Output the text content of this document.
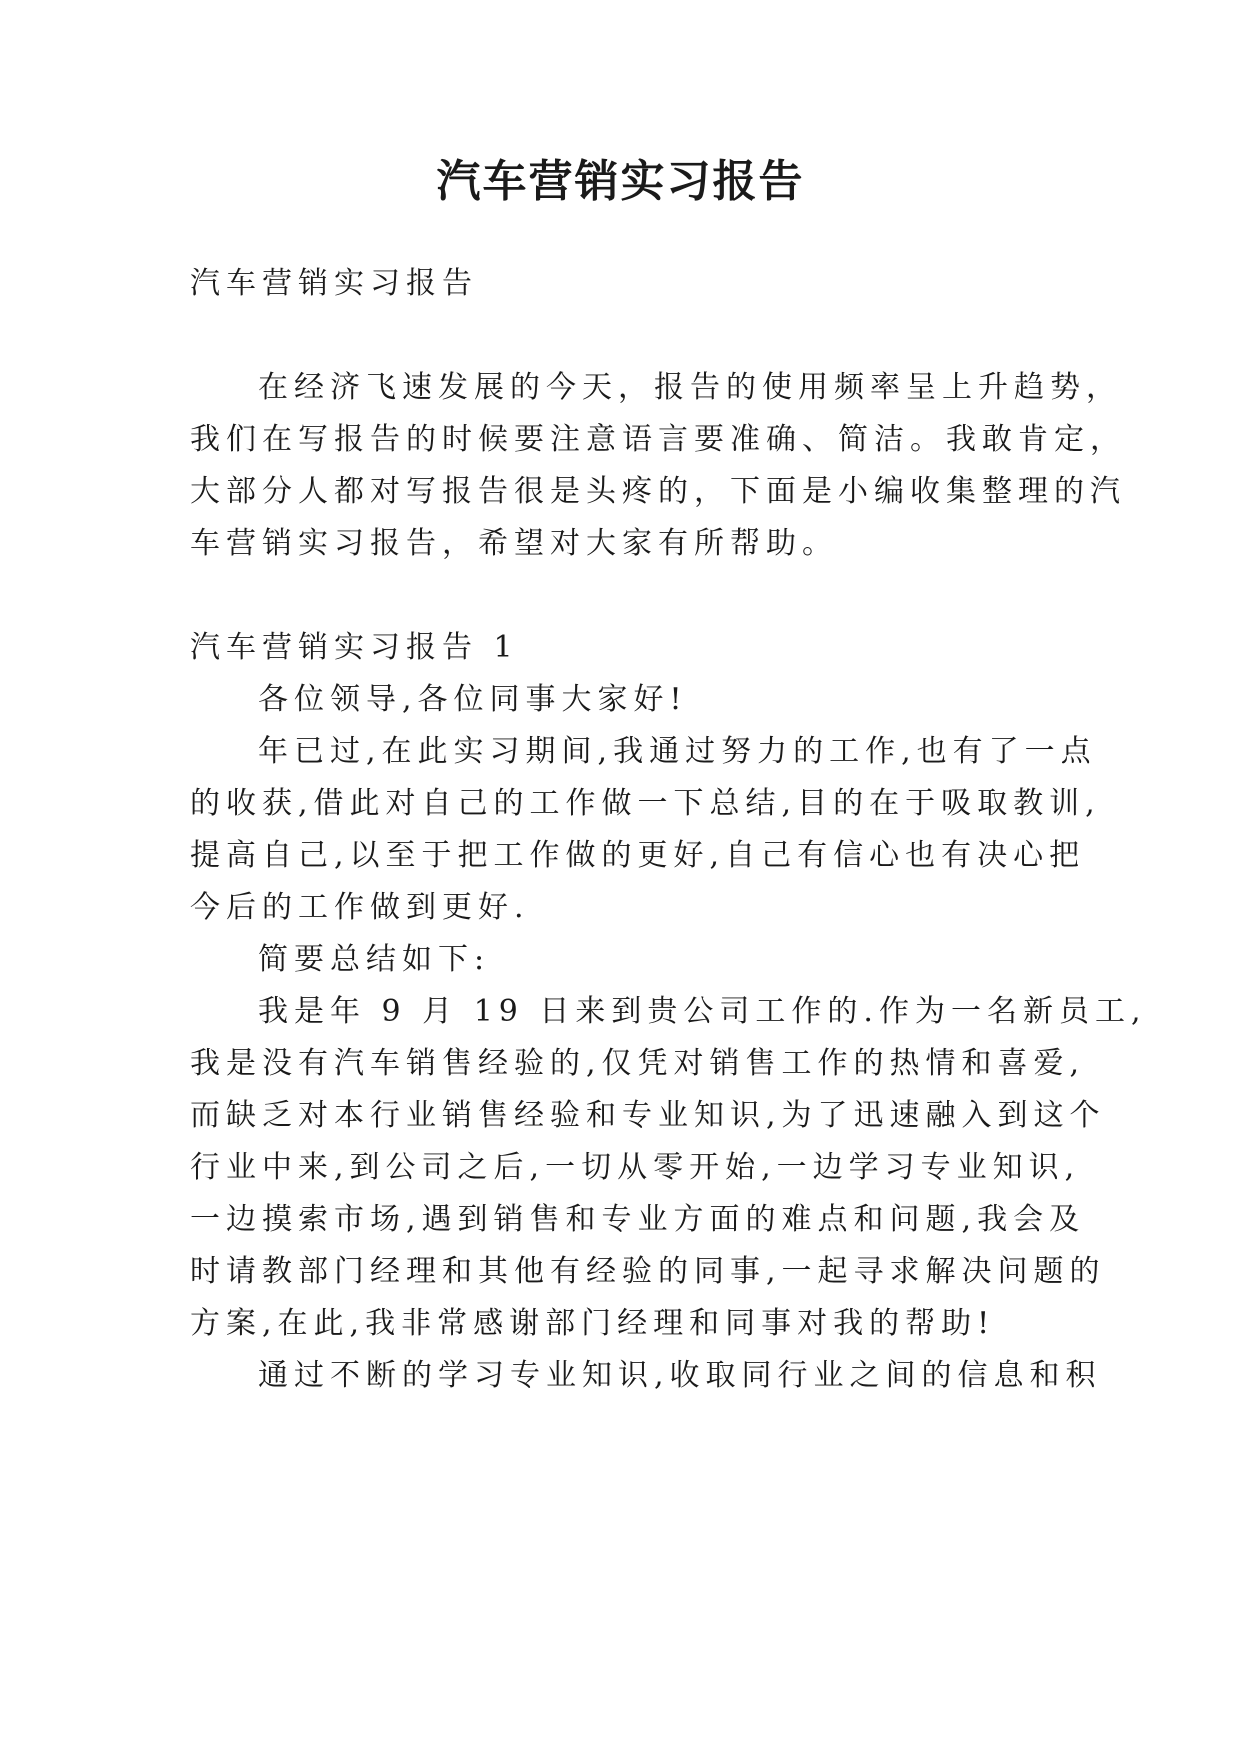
汽车营销实习报告
汽车营销实习报告
在经济飞速发展的今天，报告的使用频率呈上升趋势，
我们在写报告的时候要注意语言要准确、简洁。我敢肯定，
大部分人都对写报告很是头疼的，下面是小编收集整理的汽
车营销实习报告，希望对大家有所帮助。
汽车营销实习报告 1
各位领导,各位同事大家好!
年已过,在此实习期间,我通过努力的工作,也有了一点
的收获,借此对自己的工作做一下总结,目的在于吸取教训,
提高自己,以至于把工作做的更好,自己有信心也有决心把
今后的工作做到更好.
简要总结如下:
我是年 9 月 19 日来到贵公司工作的.作为一名新员工,
我是没有汽车销售经验的,仅凭对销售工作的热情和喜爱,
而缺乏对本行业销售经验和专业知识,为了迅速融入到这个
行业中来,到公司之后,一切从零开始,一边学习专业知识,
一边摸索市场,遇到销售和专业方面的难点和问题,我会及
时请教部门经理和其他有经验的同事,一起寻求解决问题的
方案,在此,我非常感谢部门经理和同事对我的帮助!
通过不断的学习专业知识,收取同行业之间的信息和积
